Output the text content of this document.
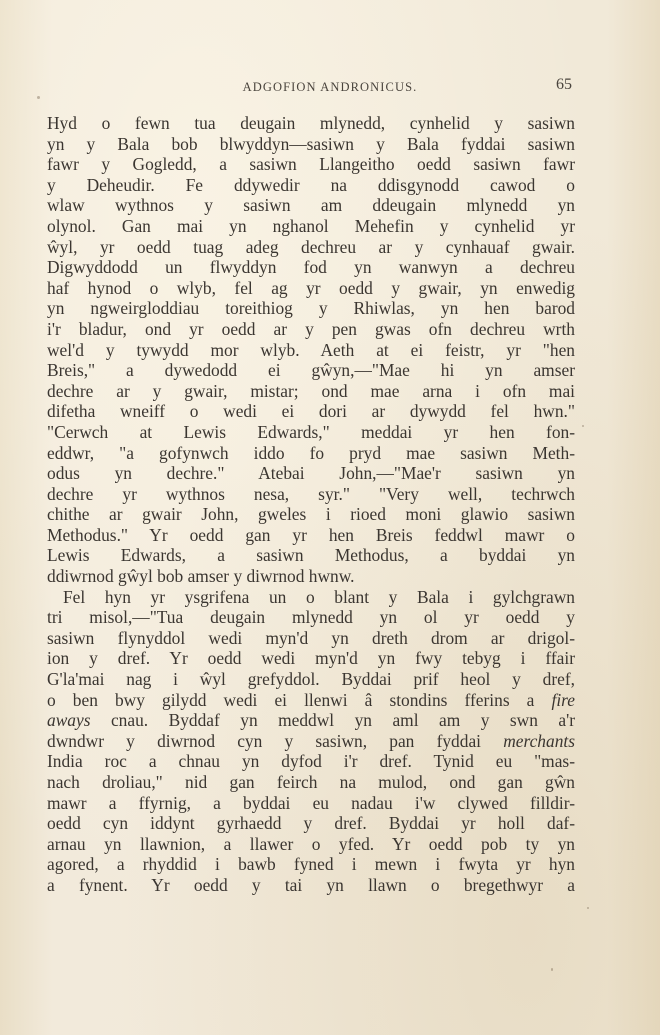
ADGOFION ANDRONICUS.	65
Hyd o fewn tua deugain mlynedd, cynhelid y sasiwn
yn y Bala bob blwyddyn—sasiwn y Bala fyddai sasiwn
fawr y Gogledd, a sasiwn Llangeitho oedd sasiwn fawr
y Deheudir. Fe ddywedir na ddisgynodd cawod o
wlaw wythnos y sasiwn am ddeugain mlynedd yn
olynol. Gan mai yn nghanol Mehefin y cynhelid yr
ŵyl, yr oedd tuag adeg dechreu ar y cynhauaf gwair.
Digwyddodd un flwyddyn fod yn wanwyn a dechreu
haf hynod o wlyb, fel ag yr oedd y gwair, yn enwedig
yn ngweirgloddiau toreithiog y Rhiwlas, yn hen barod
i'r bladur, ond yr oedd ar y pen gwas ofn dechreu wrth
wel'd y tywydd mor wlyb. Aeth at ei feistr, yr "hen
Breis," a dywedodd ei gŵyn,—"Mae hi yn amser
dechre ar y gwair, mistar; ond mae arna i ofn mai
difetha wneiff o wedi ei dori ar dywydd fel hwn."
"Cerwch at Lewis Edwards," meddai yr hen fon-
eddwr, "a gofynwch iddo fo pryd mae sasiwn Meth-
odus yn dechre." Atebai John,—"Mae'r sasiwn yn
dechre yr wythnos nesa, syr." "Very well, techrwch
chithe ar gwair John, gweles i rioed moni glawio sasiwn
Methodus." Yr oedd gan yr hen Breis feddwl mawr o
Lewis Edwards, a sasiwn Methodus, a byddai yn
ddiwrnod gŵyl bob amser y diwrnod hwnw.
Fel hyn yr ysgrifena un o blant y Bala i gylchgrawn
tri misol,—"Tua deugain mlynedd yn ol yr oedd y
sasiwn flynyddol wedi myn'd yn dreth drom ar drigol-
ion y dref. Yr oedd wedi myn'd yn fwy tebyg i ffair
G'la'mai nag i ŵyl grefyddol. Byddai prif heol y dref,
o ben bwy gilydd wedi ei llenwi â stondins fferins a fire
aways cnau. Byddaf yn meddwl yn aml am y swn a'r
dwndwr y diwrnod cyn y sasiwn, pan fyddai merchants
India roc a chnau yn dyfod i'r dref. Tynid eu "mas-
nach droliau," nid gan feirch na mulod, ond gan gŵn
mawr a ffyrnig, a byddai eu nadau i'w clywed filldir-
oedd cyn iddynt gyrhaedd y dref. Byddai yr holl daf-
arnau yn llawnion, a llawer o yfed. Yr oedd pob ty yn
agored, a rhyddid i bawb fyned i mewn i fwyta yr hyn
a fynent. Yr oedd y tai yn llawn o bregethwyr a
